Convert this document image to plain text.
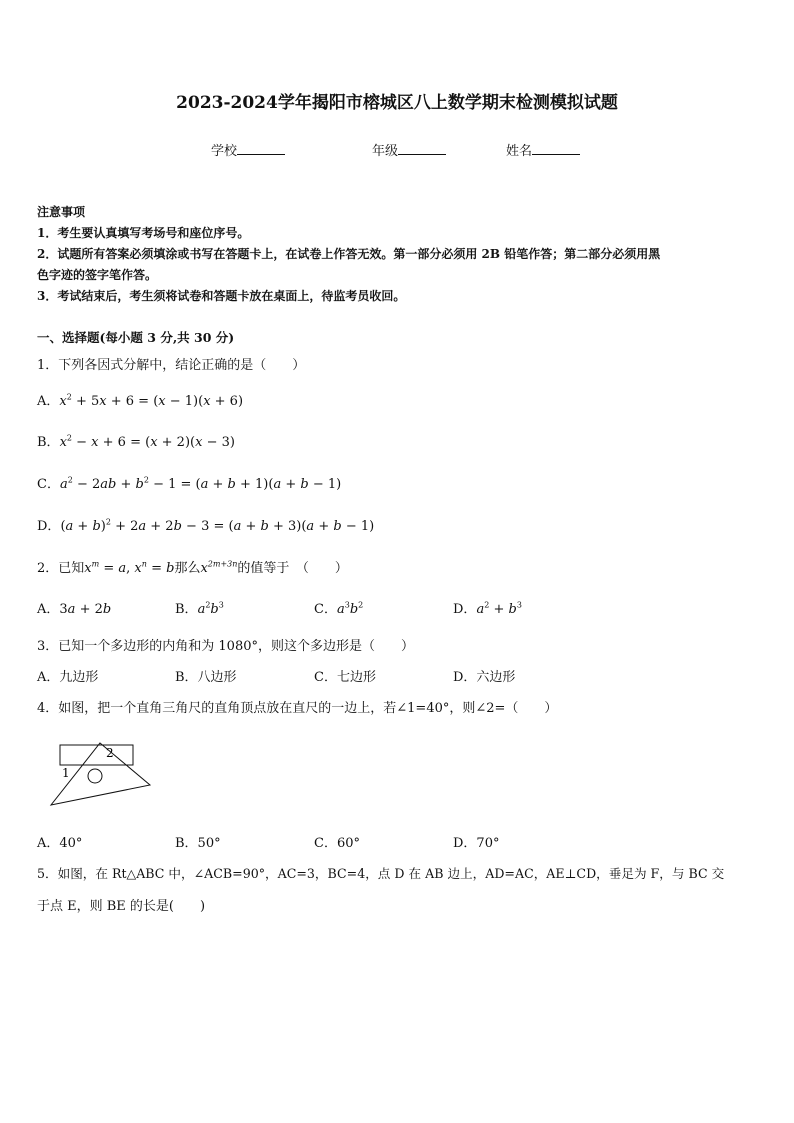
2023-2024学年揭阳市榕城区八上数学期末检测模拟试题
学校	年级	姓名
注意事项
1．考生要认真填写考场号和座位序号。
2．试题所有答案必须填涂或书写在答题卡上，在试卷上作答无效。第一部分必须用 2B 铅笔作答；第二部分必须用黑
色字迹的签字笔作答。
3．考试结束后，考生须将试卷和答题卡放在桌面上，待监考员收回。
一、选择题(每小题 3 分,共 30 分)
1．下列各因式分解中，结论正确的是（　　）
A．$x^2 + 5x + 6 = (x - 1)(x + 6)$
B．$x^2 - x + 6 = (x + 2)(x - 3)$
C．$a^2 - 2ab + b^2 - 1 = (a + b + 1)(a + b - 1)$
D．$(a + b)^2 + 2a + 2b - 3 = (a + b + 3)(a + b - 1)$
2．已知$x^m = a$, $x^n = b$那么$x^{2m+3n}$的值等于　（　　）
A．3a + 2b	B．$a^2b^3$	C．$a^3b^2$	D．$a^2 + b^3$
3．已知一个多边形的内角和为 1080°，则这个多边形是（　　）
A．九边形	B．八边形	C．七边形	D．六边形
4．如图，把一个直角三角尺的直角顶点放在直尺的一边上，若∠1=40°，则∠2=（　　）
1
2
A．40°	B．50°	C．60°	D．70°
5．如图，在 Rt△ABC 中，∠ACB=90°，AC=3，BC=4，点 D 在 AB 边上，AD=AC，AE⊥CD，垂足为 F，与 BC 交
于点 E，则 BE 的长是(　　)
